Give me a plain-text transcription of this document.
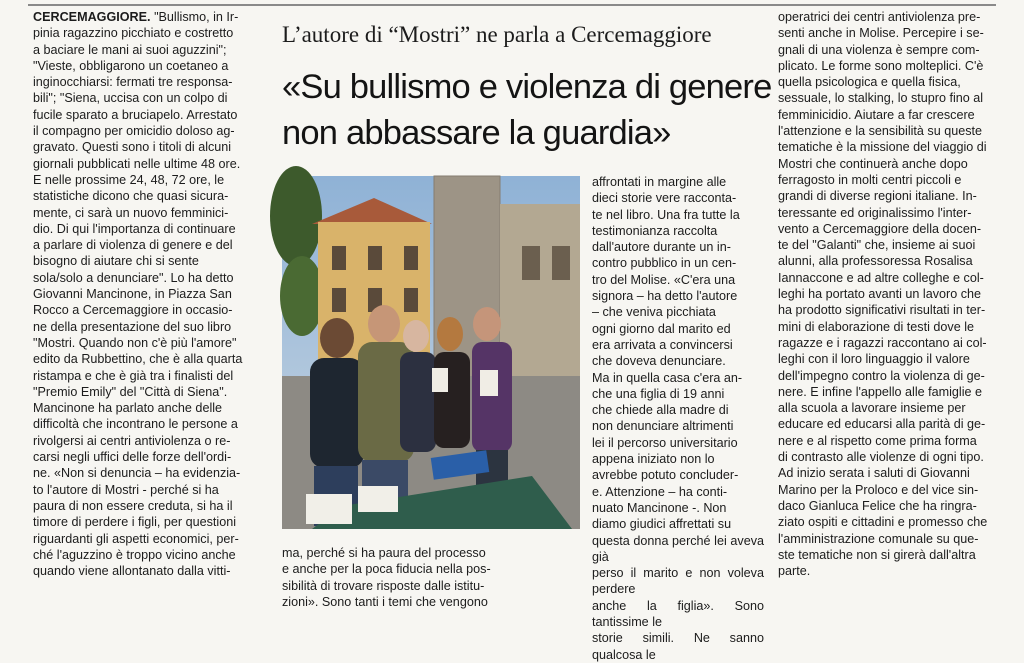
CERCEMAGGIORE. "Bullismo, in Ir-
pinia ragazzino picchiato e costretto
a baciare le mani ai suoi aguzzini";
"Vieste, obbligarono un coetaneo a
inginocchiarsi: fermati tre responsa-
bili"; "Siena, uccisa con un colpo di
fucile sparato a bruciapelo. Arrestato
il compagno per omicidio doloso ag-
gravato. Questi sono i titoli di alcuni
giornali pubblicati nelle ultime 48 ore.
E nelle prossime 24, 48, 72 ore, le
statistiche dicono che quasi sicura-
mente, ci sarà un nuovo femminici-
dio. Di qui l'importanza di continuare
a parlare di violenza di genere e del
bisogno di aiutare chi si sente
sola/solo a denunciare". Lo ha detto
Giovanni Mancinone, in Piazza San
Rocco a Cercemaggiore in occasio-
ne della presentazione del suo libro
"Mostri. Quando non c'è più l'amore"
edito da Rubbettino, che è alla quarta
ristampa e che è già tra i finalisti del
"Premio Emily" del "Città di Siena".
Mancinone ha parlato anche delle
difficoltà che incontrano le persone a
rivolgersi ai centri antiviolenza o re-
carsi negli uffici delle forze dell'ordi-
ne. «Non si denuncia – ha evidenzia-
to l'autore di Mostri - perché si ha
paura di non essere creduta, si ha il
timore di perdere i figli, per questioni
riguardanti gli aspetti economici, per-
ché l'aguzzino è troppo vicino anche
quando viene allontanato dalla vitti-

L’autore di “Mostri” ne parla a Cercemaggiore
«Su bullismo e violenza di genere
non abbassare la guardia»
ma, perché si ha paura del processo
e anche per la poca fiducia nella pos-
sibilità di trovare risposte dalle istitu-
zioni». Sono tanti i temi che vengono
affrontati in margine alle
dieci storie vere racconta-
te nel libro. Una fra tutte la
testimonianza raccolta
dall'autore durante un in-
contro pubblico in un cen-
tro del Molise. «C'era una
signora – ha detto l'autore
– che veniva picchiata
ogni giorno dal marito ed
era arrivata a convincersi
che doveva denunciare.
Ma in quella casa c'era an-
che una figlia di 19 anni
che chiede alla madre di
non denunciare altrimenti
lei il percorso universitario
appena iniziato non lo
avrebbe potuto concluder-
e. Attenzione – ha conti-
nuato Mancinone -. Non
diamo giudici affrettati su
questa donna perché lei aveva già
perso il marito e non voleva perdere
anche la figlia». Sono tantissime le
storie simili. Ne sanno qualcosa le
operatrici dei centri antiviolenza pre-
senti anche in Molise. Percepire i se-
gnali di una violenza è sempre com-
plicato. Le forme sono molteplici. C'è
quella psicologica e quella fisica,
sessuale, lo stalking, lo stupro fino al
femminicidio. Aiutare a far crescere
l'attenzione e la sensibilità su queste
tematiche è la missione del viaggio di
Mostri che continuerà anche dopo
ferragosto in molti centri piccoli e
grandi di diverse regioni italiane. In-
teressante ed originalissimo l'inter-
vento a Cercemaggiore della docen-
te del "Galanti" che, insieme ai suoi
alunni, alla professoressa Rosalisa
Iannaccone e ad altre colleghe e col-
leghi ha portato avanti un lavoro che
ha prodotto significativi risultati in ter-
mini di elaborazione di testi dove le
ragazze e i ragazzi raccontano ai col-
leghi con il loro linguaggio il valore
dell'impegno contro la violenza di ge-
nere. E infine l'appello alle famiglie e
alla scuola a lavorare insieme per
educare ed educarsi alla parità di ge-
nere e al rispetto come prima forma
di contrasto alle violenze di ogni tipo.
Ad inizio serata i saluti di Giovanni
Marino per la Proloco e del vice sin-
daco Gianluca Felice che ha ringra-
ziato ospiti e cittadini e promesso che
l'amministrazione comunale su que-
ste tematiche non si girerà dall'altra
parte.
